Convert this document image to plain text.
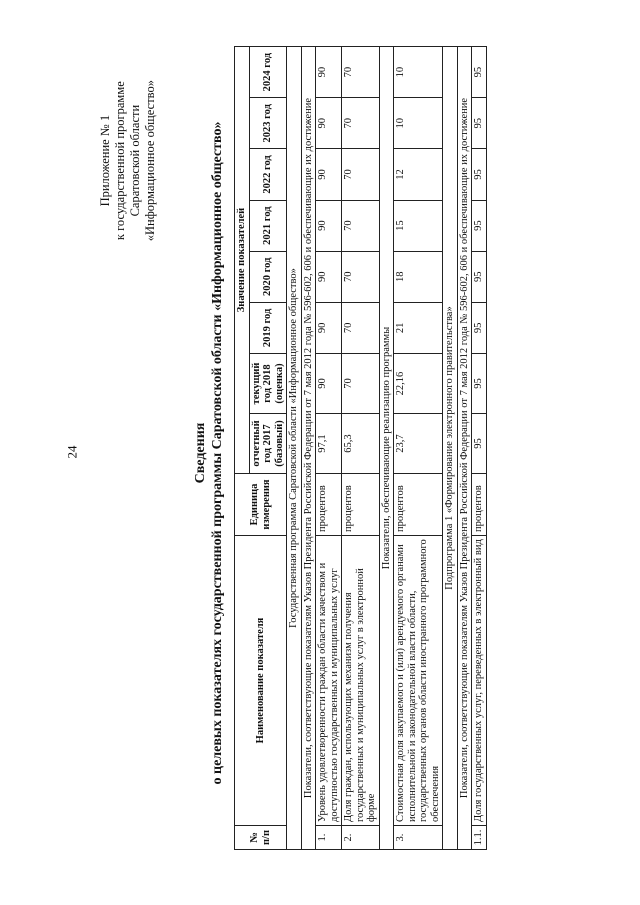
24
Приложение № 1 к государственной программе Саратовской области «Информационное общество»
Сведения о целевых показателях государственной программы Саратовской области «Информационное общество»
№ п/п	Наименование показателя	Единица измерения	Значение показателей							
			отчетный год 2017 (базовый)	текущий год 2018 (оценка)	2019 год	2020 год	2021 год	2022 год	2023 год	2024 год
Государственная программа Саратовской области «Информационное общество»										
Показатели, соответствующие показателям Указов Президента Российской Федерации от 7 мая 2012 года № 596-602, 606 и обеспечивающие их достижение										
1.	Уровень удовлетворенности граждан области качеством и доступностью государственных и муниципальных услуг	процентов	97,1	90	90	90	90	90	90	90
2.	Доля граждан, использующих механизм получения государственных и муниципальных услуг в электронной форме	процентов	65,3	70	70	70	70	70	70	70
Показатели, обеспечивающие реализацию программы										
3.	Стоимостная доля закупаемого и (или) арендуемого органами исполнительной и законодательной власти области, государственных органов области иностранного программного обеспечения	процентов	23,7	22,16	21	18	15	12	10	10
Подпрограмма 1 «Формирование электронного правительства»										
Показатели, соответствующие показателям Указов Президента Российской Федерации от 7 мая 2012 года № 596-602, 606 и обеспечивающие их достижение										
1.1.	Доля государственных услуг, переведенных в электронный вид	процентов	95	95	95	95	95	95	95	95
